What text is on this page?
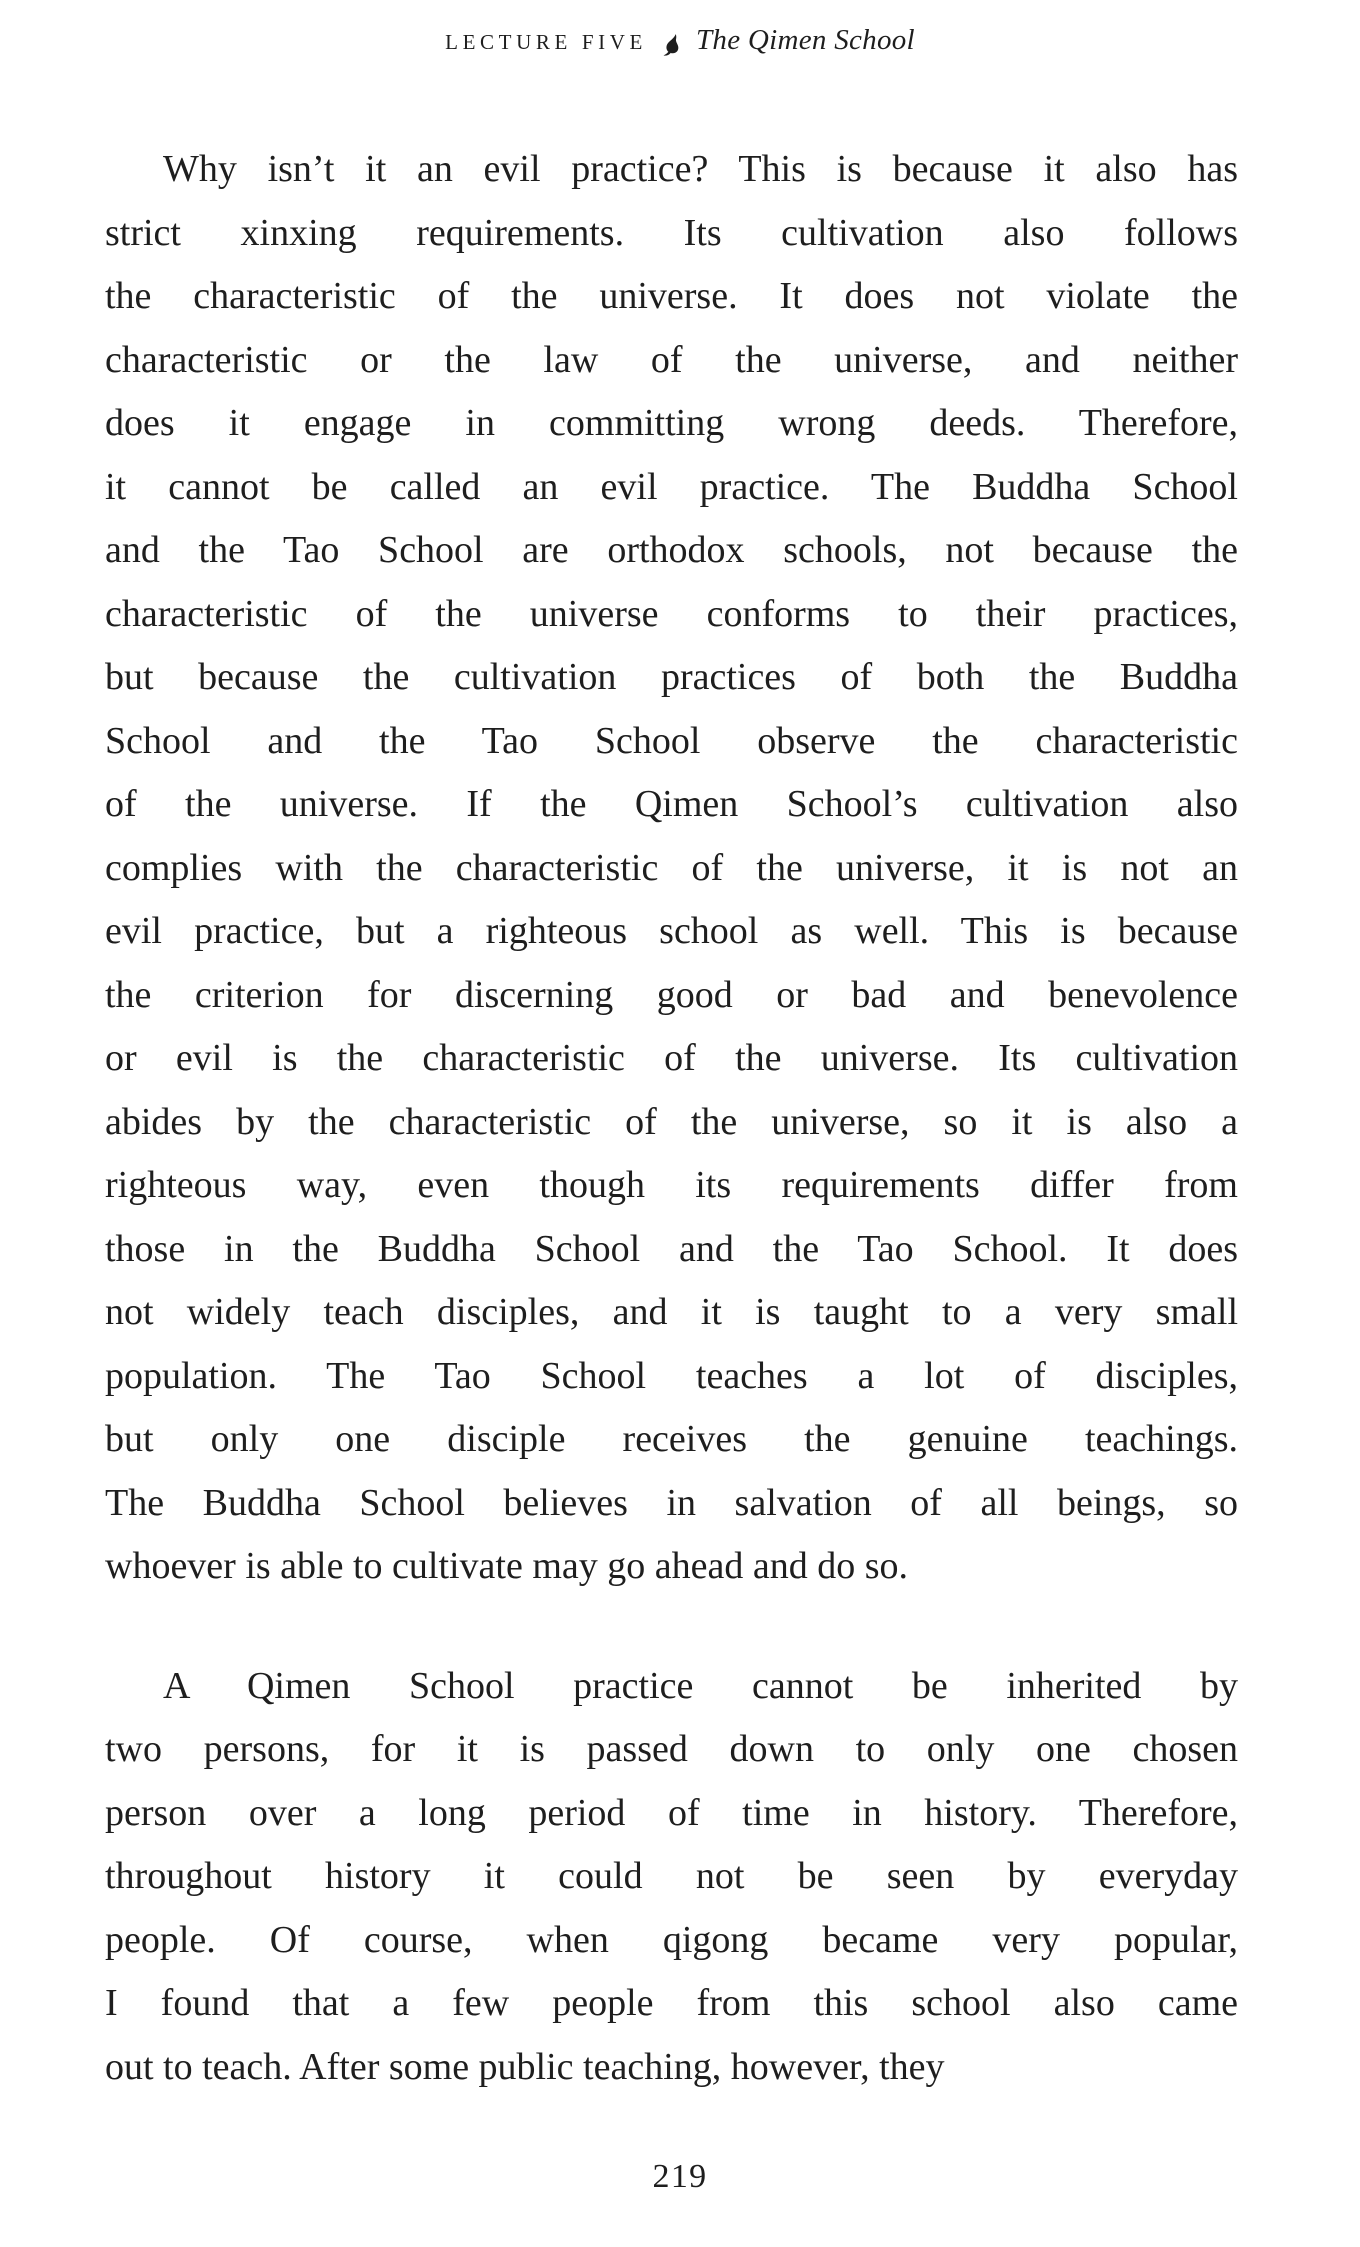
LECTURE FIVE The Qimen School
Why isn’t it an evil practice? This is because it also has
strict xinxing requirements. Its cultivation also follows
the characteristic of the universe. It does not violate the
characteristic or the law of the universe, and neither
does it engage in committing wrong deeds. Therefore,
it cannot be called an evil practice. The Buddha School
and the Tao School are orthodox schools, not because the
characteristic of the universe conforms to their practices,
but because the cultivation practices of both the Buddha
School and the Tao School observe the characteristic
of the universe. If the Qimen School’s cultivation also
complies with the characteristic of the universe, it is not an
evil practice, but a righteous school as well. This is because
the criterion for discerning good or bad and benevolence
or evil is the characteristic of the universe. Its cultivation
abides by the characteristic of the universe, so it is also a
righteous way, even though its requirements differ from
those in the Buddha School and the Tao School. It does
not widely teach disciples, and it is taught to a very small
population. The Tao School teaches a lot of disciples,
but only one disciple receives the genuine teachings.
The Buddha School believes in salvation of all beings, so
whoever is able to cultivate may go ahead and do so.
A Qimen School practice cannot be inherited by
two persons, for it is passed down to only one chosen
person over a long period of time in history. Therefore,
throughout history it could not be seen by everyday
people. Of course, when qigong became very popular,
I found that a few people from this school also came
out to teach. After some public teaching, however, they
219
